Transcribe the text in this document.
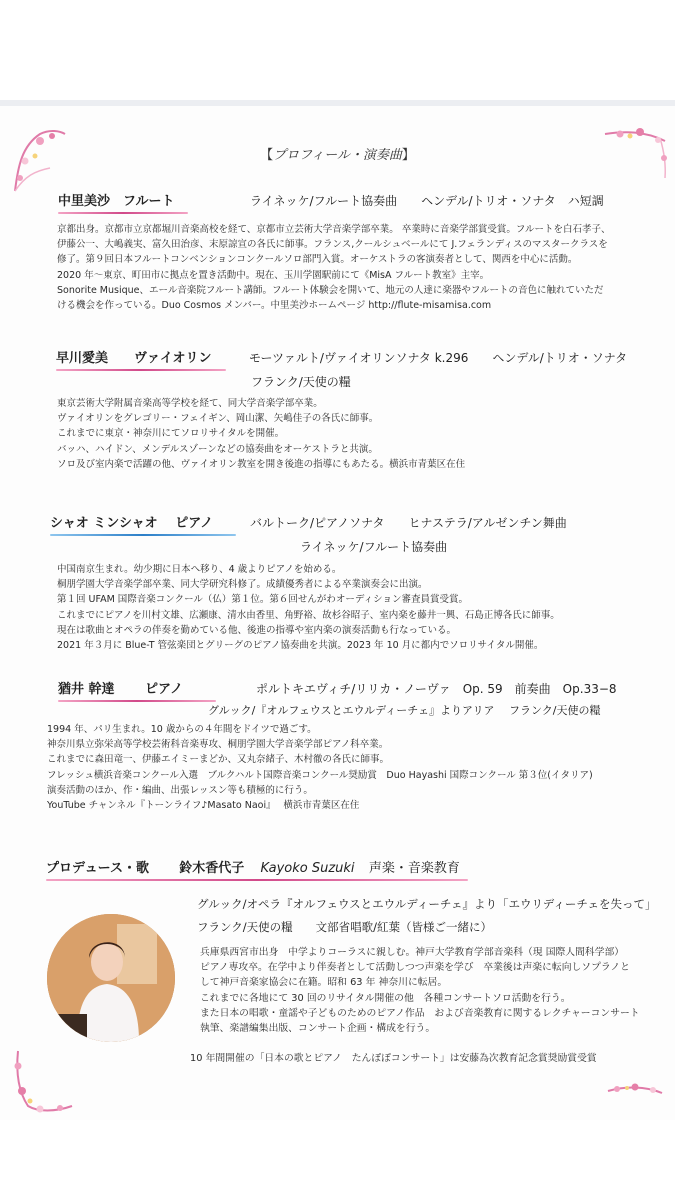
【プロフィール・演奏曲】
中里美沙　フルート	ライネッケ/フルート協奏曲　　ヘンデル/トリオ・ソナタ　ハ短調
京都出身。京都市立京都堀川音楽高校を経て、京都市立芸術大学音楽学部卒業。 卒業時に音楽学部賞受賞。フルートを白石孝子、
伊藤公一、大嶋義実、富久田治彦、末原諒宣の各氏に師事。フランス,クールシュベールにて J.フェランディスのマスタークラスを
修了。第９回日本フルートコンベンションコンクールソロ部門入賞。オーケストラの客演奏者として、関西を中心に活動。
2020 年〜東京、町田市に拠点を置き活動中。現在、玉川学園駅前にて《MisA フルート教室》主宰。
Sonorite Musique、エール音楽院フルート講師。フルート体験会を開いて、地元の人達に楽器やフルートの音色に触れていただ
ける機会を作っている。Duo Cosmos メンバー。中里美沙ホームページ http://flute-misamisa.com
早川愛美　　ヴァイオリン	モーツァルト/ヴァイオリンソナタ k.296　　ヘンデル/トリオ・ソナタ
フランク/天使の糧
東京芸術大学附属音楽高等学校を経て、同大学音楽学部卒業。
ヴァイオリンをグレゴリー・フェイギン、岡山潔、矢嶋佳子の各氏に師事。
これまでに東京・神奈川にてソロリサイタルを開催。
バッハ、ハイドン、メンデルスゾーンなどの協奏曲をオーケストラと共演。
ソロ及び室内楽で活躍の他、ヴァイオリン教室を開き後進の指導にもあたる。横浜市青葉区在住
シャオ ミンシャオ　 ピアノ	バルトーク/ピアノソナタ　　ヒナステラ/アルゼンチン舞曲
ライネッケ/フルート協奏曲
中国南京生まれ。幼少期に日本へ移り、4 歳よりピアノを始める。
桐朋学園大学音楽学部卒業、同大学研究科修了。成績優秀者による卒業演奏会に出演。
第１回 UFAM 国際音楽コンクール（仏）第１位。第６回せんがわオーディション審査員賞受賞。
これまでにピアノを川村文雄、広瀬康、清水由香里、角野裕、故杉谷昭子、室内楽を藤井一興、石島正博各氏に師事。
現在は歌曲とオペラの伴奏を勤めている他、後進の指導や室内楽の演奏活動も行なっている。
2021 年３月に Blue-T 管弦楽団とグリーグのピアノ協奏曲を共演。2023 年 10 月に都内でソロリサイタル開催。
猶井 幹達　　 ピアノ	ポルトキエヴィチ/リリカ・ノーヴァ　Op. 59　前奏曲　Op.33−8
グルック/『オルフェウスとエウルディーチェ』よりアリア　 フランク/天使の糧
1994 年、パリ生まれ。10 歳からの４年間をドイツで過ごす。
神奈川県立弥栄高等学校芸術科音楽専攻、桐朋学園大学音楽学部ピアノ科卒業。
これまでに森田竜一、伊藤エイミーまどか、又丸奈緒子、木村徹の各氏に師事。
フレッシュ横浜音楽コンクール入選　ブルクハルト国際音楽コンクール奨励賞　Duo Hayashi 国際コンクール 第３位(イタリア)
演奏活動のほか、作・編曲、出張レッスン等も積極的に行う。
YouTube チャンネル『トーンライフ♪Masato Naoi』　 横浜市青葉区在住
プロデュース・歌 鈴木香代子 Kayoko Suzuki 声楽・音楽教育
グルック/オペラ『オルフェウスとエウルディーチェ』より「エウリディーチェを失って」
フランク/天使の糧　　文部省唱歌/紅葉（皆様ご一緒に）
兵庫県西宮市出身　中学よりコーラスに親しむ。神戸大学教育学部音楽科（現 国際人間科学部）
ピアノ専攻卒。在学中より伴奏者として活動しつつ声楽を学び　卒業後は声楽に転向しソプラノと
して神戸音楽家協会に在籍。昭和 63 年 神奈川に転居。
これまでに各地にて 30 回のリサイタル開催の他　各種コンサートソロ活動を行う。
また日本の唱歌・童謡や子どものためのピアノ作品　および音楽教育に関するレクチャーコンサート
執筆、楽譜編集出版、コンサート企画・構成を行う。
10 年間開催の「日本の歌とピアノ　たんぽぽコンサート」は安藤為次教育記念賞奨励賞受賞
